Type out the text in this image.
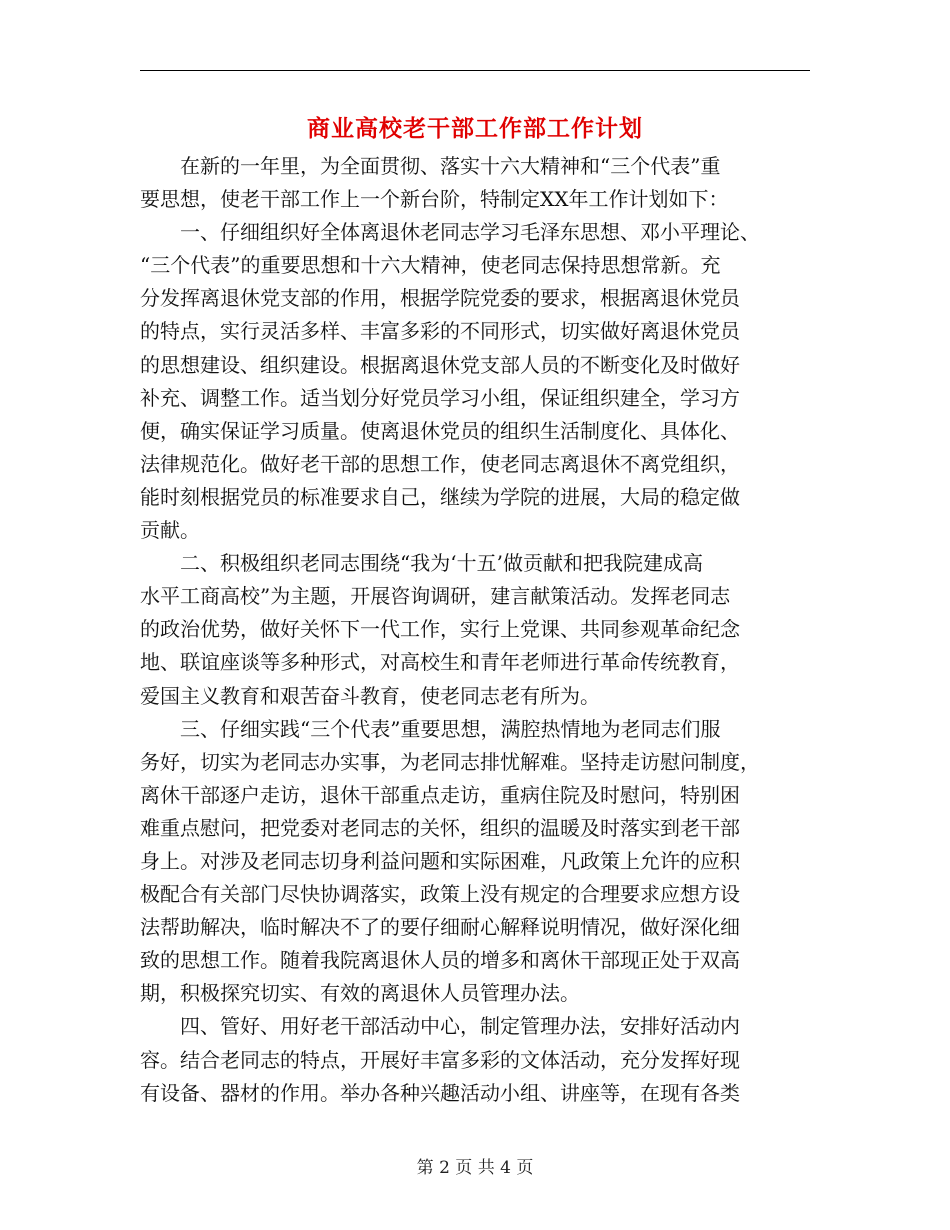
商业高校老干部工作部工作计划
　　在新的一年里，为全面贯彻、落实十六大精神和“三个代表”重
要思想，使老干部工作上一个新台阶，特制定XX年工作计划如下：
　　一、仔细组织好全体离退休老同志学习毛泽东思想、邓小平理论、
“三个代表”的重要思想和十六大精神，使老同志保持思想常新。充
分发挥离退休党支部的作用，根据学院党委的要求，根据离退休党员
的特点，实行灵活多样、丰富多彩的不同形式，切实做好离退休党员
的思想建设、组织建设。根据离退休党支部人员的不断变化及时做好
补充、调整工作。适当划分好党员学习小组，保证组织建全，学习方
便，确实保证学习质量。使离退休党员的组织生活制度化、具体化、
法律规范化。做好老干部的思想工作，使老同志离退休不离党组织，
能时刻根据党员的标准要求自己，继续为学院的进展，大局的稳定做
贡献。
　　二、积极组织老同志围绕“我为‘十五’做贡献和把我院建成高
水平工商高校”为主题，开展咨询调研，建言献策活动。发挥老同志
的政治优势，做好关怀下一代工作，实行上党课、共同参观革命纪念
地、联谊座谈等多种形式，对高校生和青年老师进行革命传统教育，
爱国主义教育和艰苦奋斗教育，使老同志老有所为。
　　三、仔细实践“三个代表”重要思想，满腔热情地为老同志们服
务好，切实为老同志办实事，为老同志排忧解难。坚持走访慰问制度，
离休干部逐户走访，退休干部重点走访，重病住院及时慰问，特别困
难重点慰问，把党委对老同志的关怀，组织的温暖及时落实到老干部
身上。对涉及老同志切身利益问题和实际困难，凡政策上允许的应积
极配合有关部门尽快协调落实，政策上没有规定的合理要求应想方设
法帮助解决，临时解决不了的要仔细耐心解释说明情况，做好深化细
致的思想工作。随着我院离退休人员的增多和离休干部现正处于双高
期，积极探究切实、有效的离退休人员管理办法。
　　四、管好、用好老干部活动中心，制定管理办法，安排好活动内
容。结合老同志的特点，开展好丰富多彩的文体活动，充分发挥好现
有设备、器材的作用。举办各种兴趣活动小组、讲座等，在现有各类
第 2 页 共 4 页
